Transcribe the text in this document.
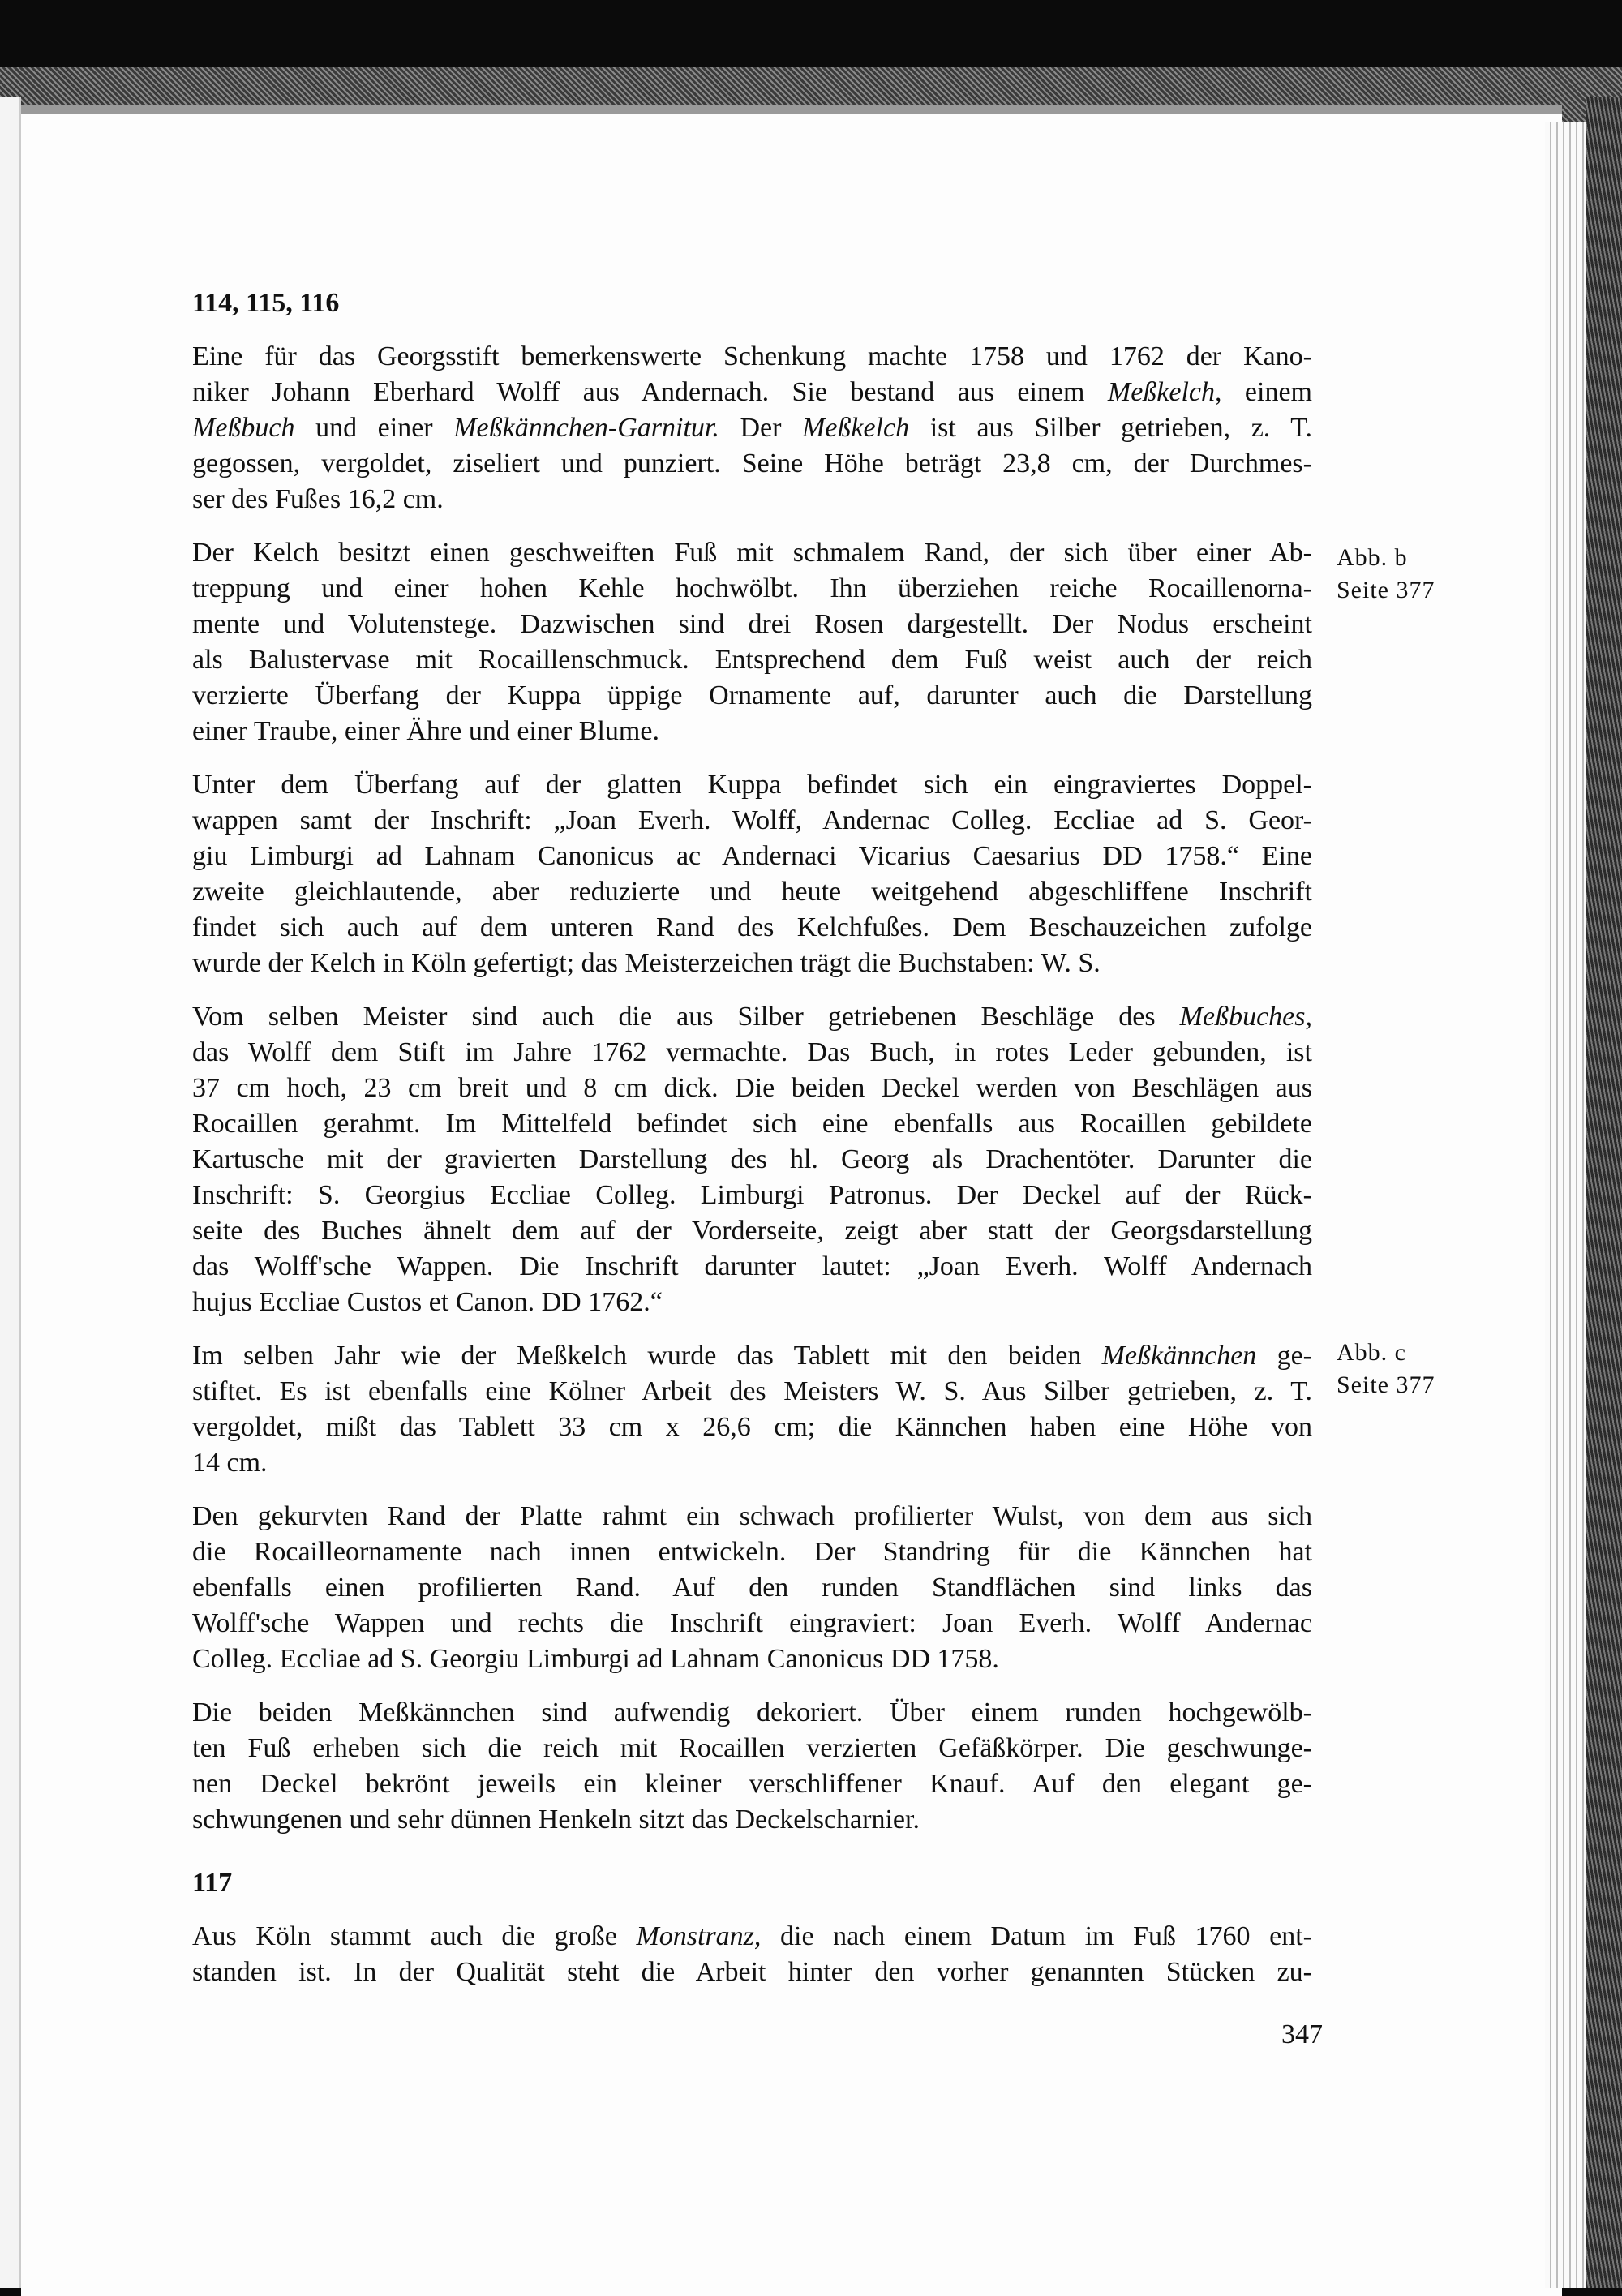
114, 115, 116
Eine für das Georgsstift bemerkenswerte Schenkung machte 1758 und 1762 der Kano-
niker Johann Eberhard Wolff aus Andernach. Sie bestand aus einem Meßkelch, einem
Meßbuch und einer Meßkännchen-Garnitur. Der Meßkelch ist aus Silber getrieben, z. T.
gegossen, vergoldet, ziseliert und punziert. Seine Höhe beträgt 23,8 cm, der Durchmes-
ser des Fußes 16,2 cm.
Der Kelch besitzt einen geschweiften Fuß mit schmalem Rand, der sich über einer Ab-
treppung und einer hohen Kehle hochwölbt. Ihn überziehen reiche Rocaillenorna-
mente und Volutenstege. Dazwischen sind drei Rosen dargestellt. Der Nodus erscheint
als Balustervase mit Rocaillenschmuck. Entsprechend dem Fuß weist auch der reich
verzierte Überfang der Kuppa üppige Ornamente auf, darunter auch die Darstellung
einer Traube, einer Ähre und einer Blume.
Unter dem Überfang auf der glatten Kuppa befindet sich ein eingraviertes Doppel-
wappen samt der Inschrift: „Joan Everh. Wolff, Andernac Colleg. Eccliae ad S. Geor-
giu Limburgi ad Lahnam Canonicus ac Andernaci Vicarius Caesarius DD 1758.“ Eine
zweite gleichlautende, aber reduzierte und heute weitgehend abgeschliffene Inschrift
findet sich auch auf dem unteren Rand des Kelchfußes. Dem Beschauzeichen zufolge
wurde der Kelch in Köln gefertigt; das Meisterzeichen trägt die Buchstaben: W. S.
Vom selben Meister sind auch die aus Silber getriebenen Beschläge des Meßbuches,
das Wolff dem Stift im Jahre 1762 vermachte. Das Buch, in rotes Leder gebunden, ist
37 cm hoch, 23 cm breit und 8 cm dick. Die beiden Deckel werden von Beschlägen aus
Rocaillen gerahmt. Im Mittelfeld befindet sich eine ebenfalls aus Rocaillen gebildete
Kartusche mit der gravierten Darstellung des hl. Georg als Drachentöter. Darunter die
Inschrift: S. Georgius Eccliae Colleg. Limburgi Patronus. Der Deckel auf der Rück-
seite des Buches ähnelt dem auf der Vorderseite, zeigt aber statt der Georgsdarstellung
das Wolff'sche Wappen. Die Inschrift darunter lautet: „Joan Everh. Wolff Andernach
hujus Eccliae Custos et Canon. DD 1762.“
Im selben Jahr wie der Meßkelch wurde das Tablett mit den beiden Meßkännchen ge-
stiftet. Es ist ebenfalls eine Kölner Arbeit des Meisters W. S. Aus Silber getrieben, z. T.
vergoldet, mißt das Tablett 33 cm x 26,6 cm; die Kännchen haben eine Höhe von
14 cm.
Den gekurvten Rand der Platte rahmt ein schwach profilierter Wulst, von dem aus sich
die Rocailleornamente nach innen entwickeln. Der Standring für die Kännchen hat
ebenfalls einen profilierten Rand. Auf den runden Standflächen sind links das
Wolff'sche Wappen und rechts die Inschrift eingraviert: Joan Everh. Wolff Andernac
Colleg. Eccliae ad S. Georgiu Limburgi ad Lahnam Canonicus DD 1758.
Die beiden Meßkännchen sind aufwendig dekoriert. Über einem runden hochgewölb-
ten Fuß erheben sich die reich mit Rocaillen verzierten Gefäßkörper. Die geschwunge-
nen Deckel bekrönt jeweils ein kleiner verschliffener Knauf. Auf den elegant ge-
schwungenen und sehr dünnen Henkeln sitzt das Deckelscharnier.
117
Aus Köln stammt auch die große Monstranz, die nach einem Datum im Fuß 1760 ent-
standen ist. In der Qualität steht die Arbeit hinter den vorher genannten Stücken zu-
Abb. b
Seite 377
Abb. c
Seite 377
347
